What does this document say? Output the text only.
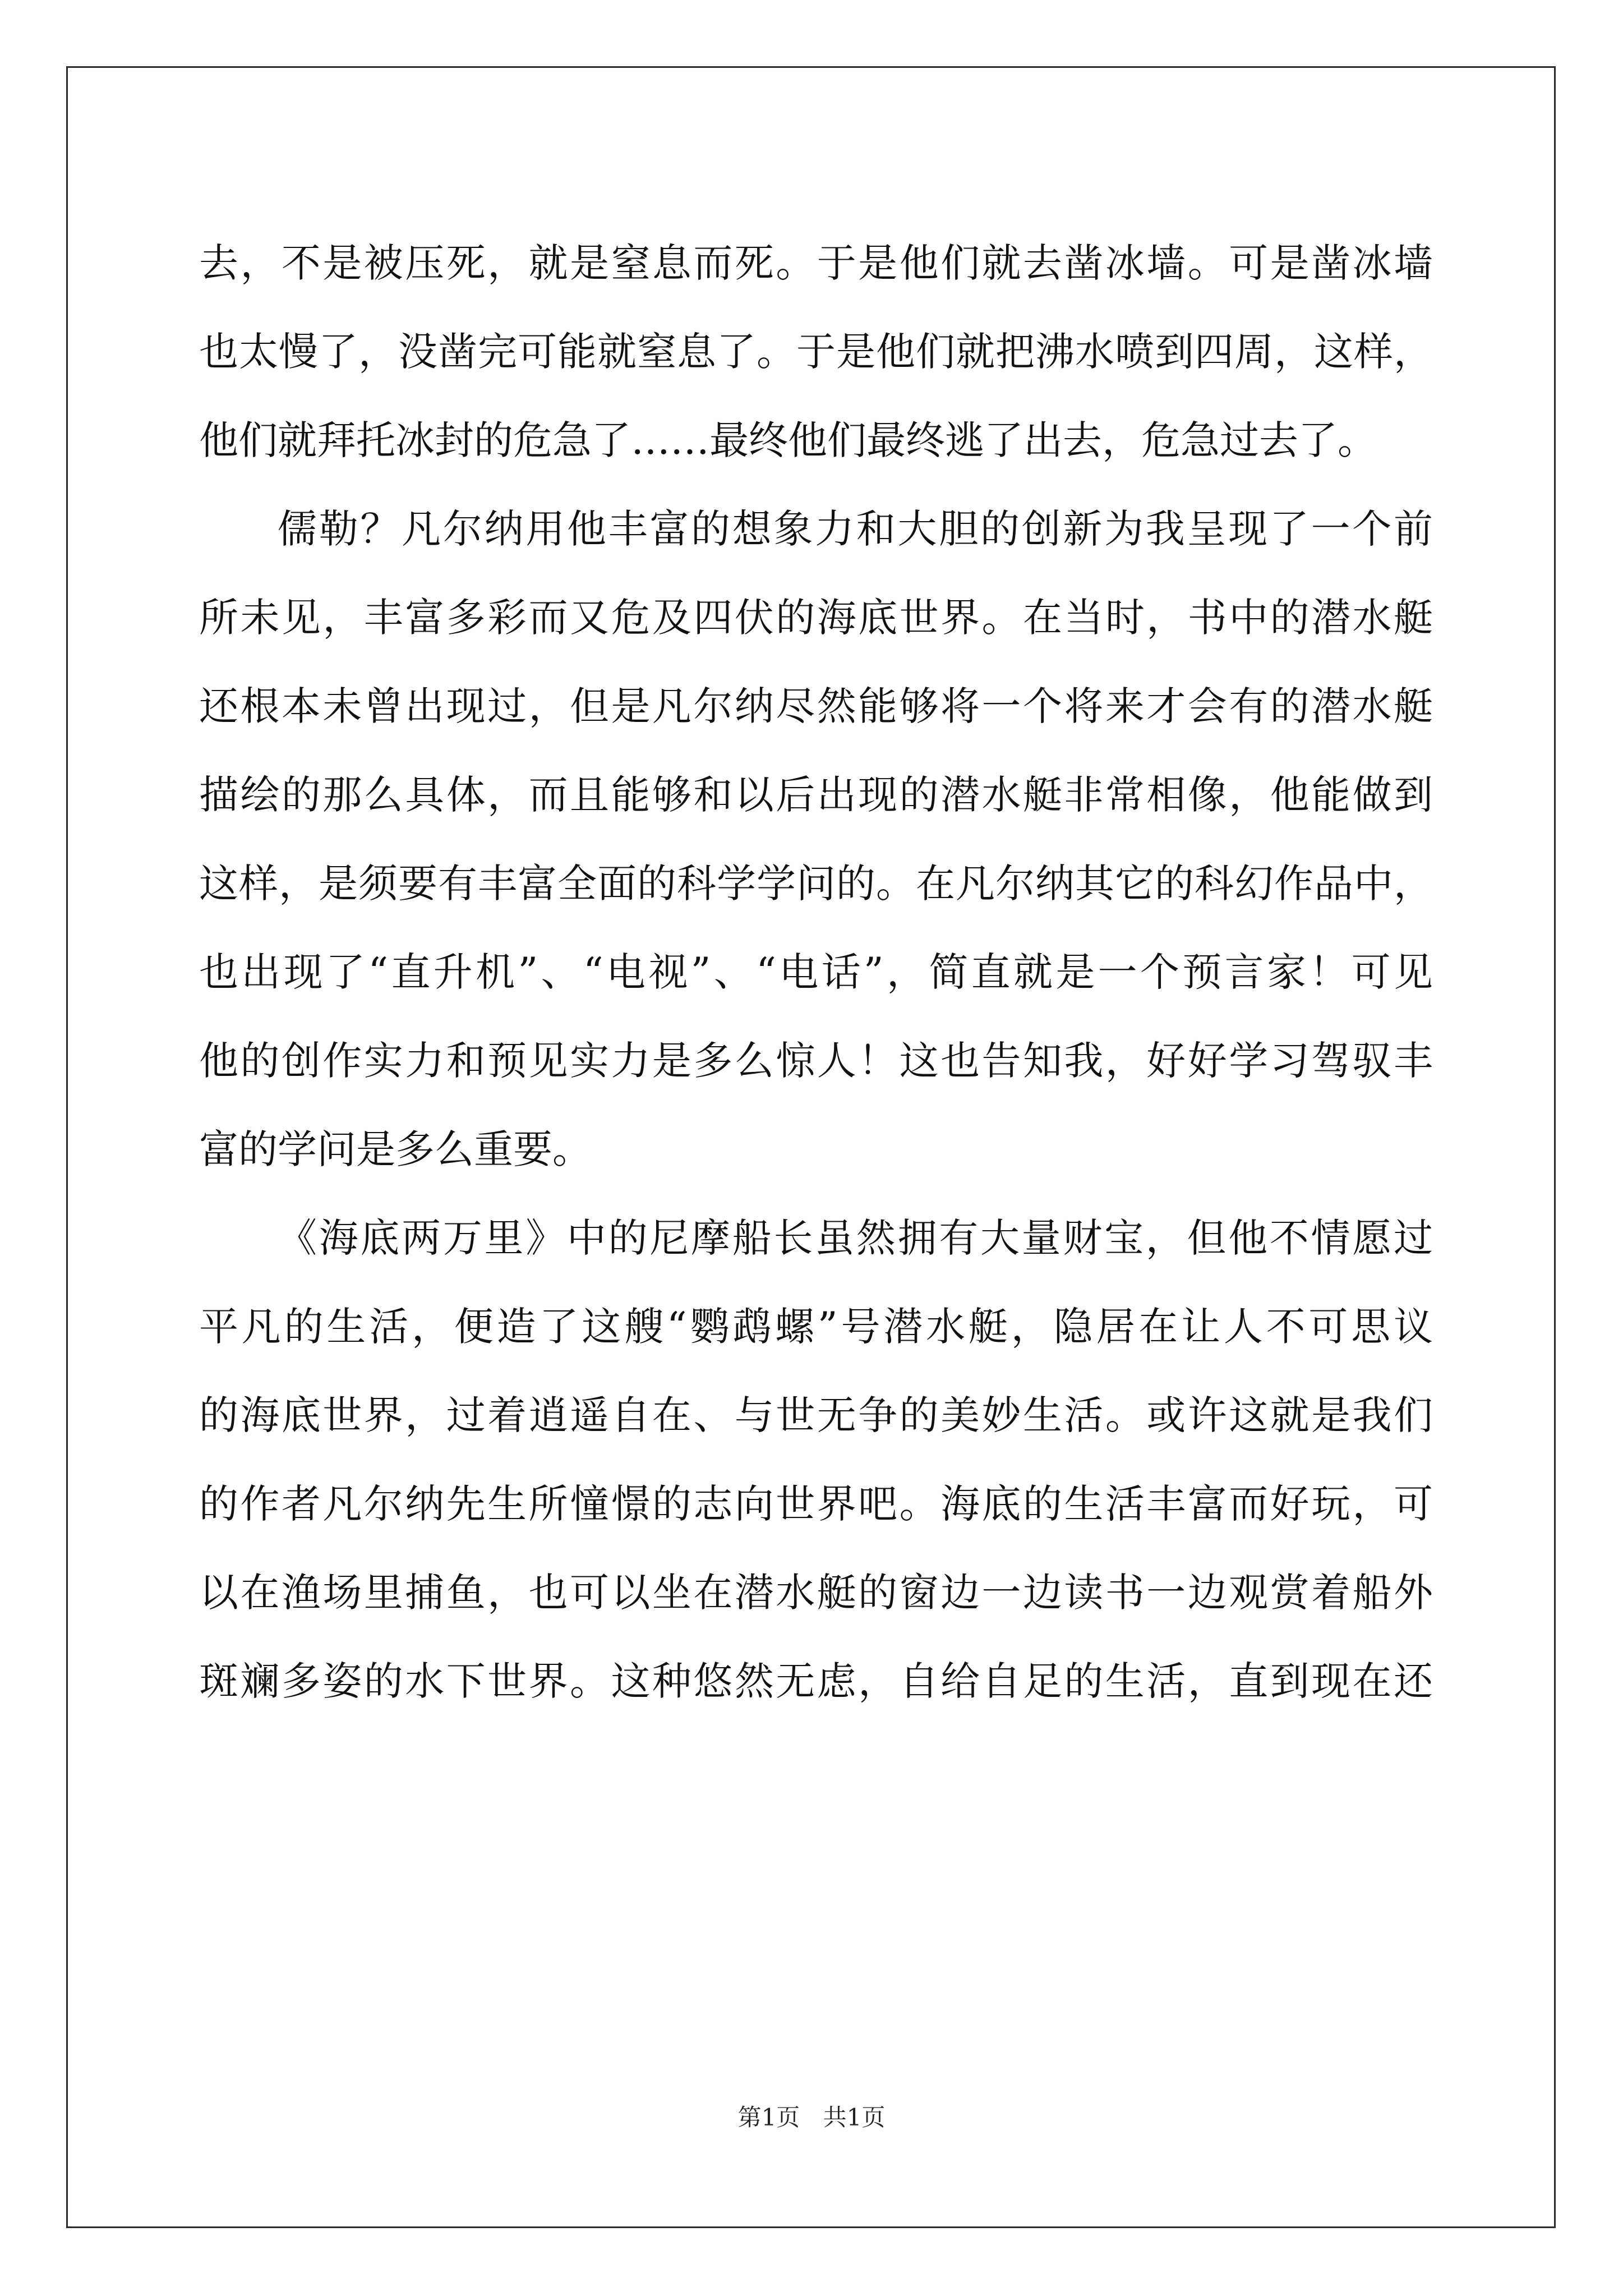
去，不是被压死，就是窒息而死。于是他们就去凿冰墙。可是凿冰墙
也太慢了，没凿完可能就窒息了。于是他们就把沸水喷到四周，这样，
他们就拜托冰封的危急了……最终他们最终逃了出去，危急过去了。
儒勒？凡尔纳用他丰富的想象力和大胆的创新为我呈现了一个前
所未见，丰富多彩而又危及四伏的海底世界。在当时，书中的潜水艇
还根本未曾出现过，但是凡尔纳尽然能够将一个将来才会有的潜水艇
描绘的那么具体，而且能够和以后出现的潜水艇非常相像，他能做到
这样，是须要有丰富全面的科学学问的。在凡尔纳其它的科幻作品中，
也出现了“直升机”、“电视”、“电话”，简直就是一个预言家！可见
他的创作实力和预见实力是多么惊人！这也告知我，好好学习驾驭丰
富的学问是多么重要。
《海底两万里》中的尼摩船长虽然拥有大量财宝，但他不情愿过
平凡的生活，便造了这艘“鹦鹉螺”号潜水艇，隐居在让人不可思议
的海底世界，过着逍遥自在、与世无争的美妙生活。或许这就是我们
的作者凡尔纳先生所憧憬的志向世界吧。海底的生活丰富而好玩，可
以在渔场里捕鱼，也可以坐在潜水艇的窗边一边读书一边观赏着船外
斑斓多姿的水下世界。这种悠然无虑，自给自足的生活，直到现在还
第1页 共1页
